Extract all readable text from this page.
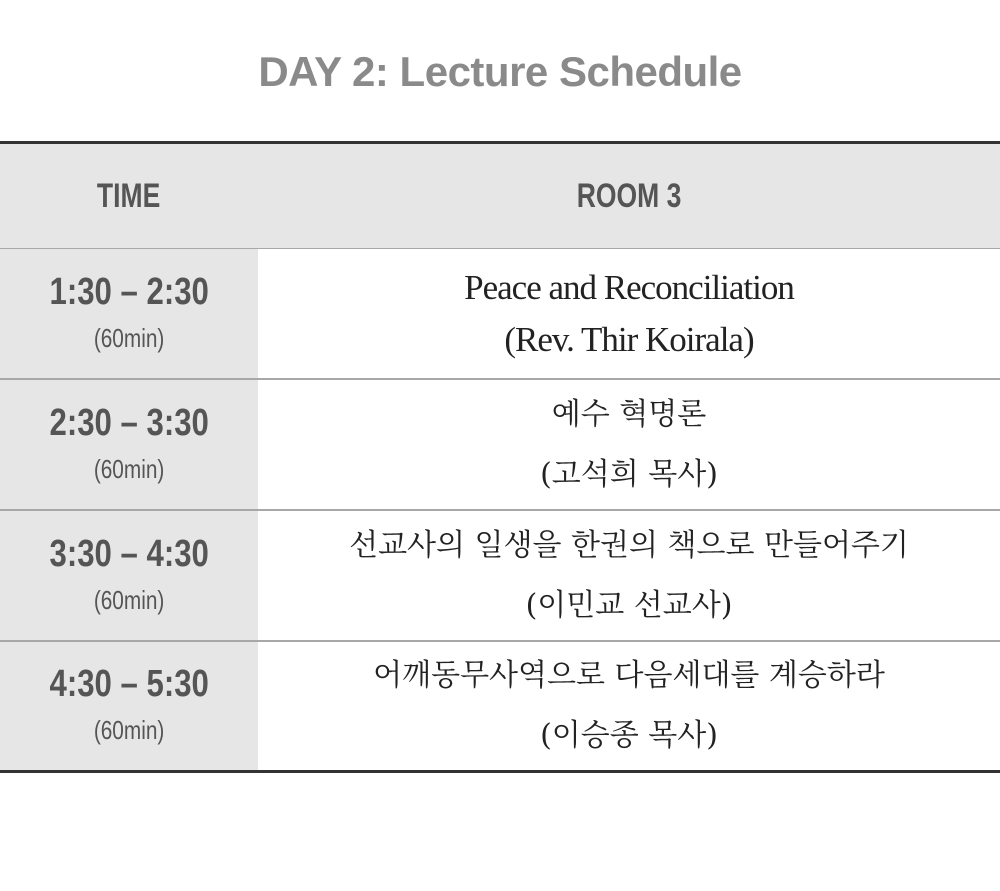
DAY 2: Lecture Schedule
TIME	ROOM 3
1:30 – 2:30
(60min)
Peace and Reconciliation
(Rev. Thir Koirala)
2:30 – 3:30
(60min)
예수 혁명론
(고석희 목사)
3:30 – 4:30
(60min)
선교사의 일생을 한권의 책으로 만들어주기
(이민교 선교사)
4:30 – 5:30
(60min)
어깨동무사역으로 다음세대를 계승하라
(이승종 목사)
